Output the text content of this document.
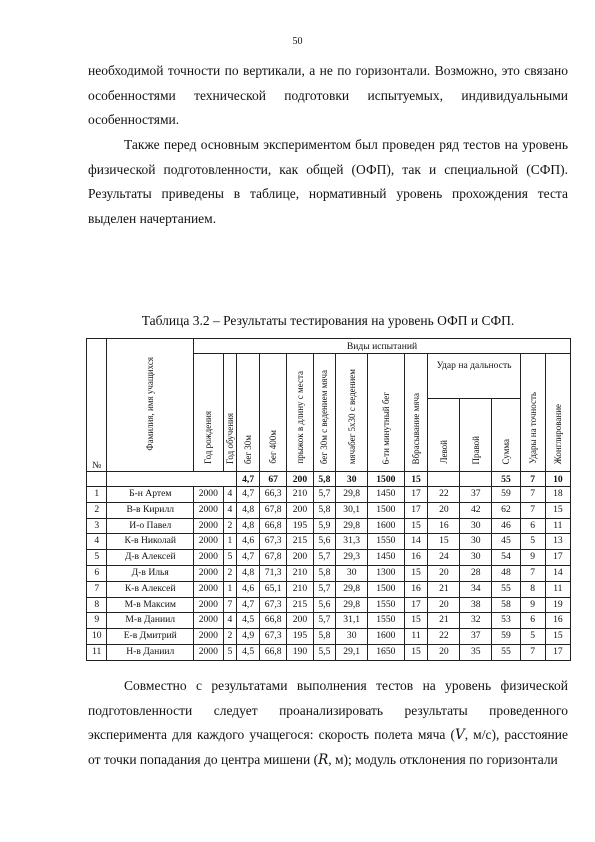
50

необходимой точности по вертикали, а не по горизонтали. Возможно, это связано особенностями технической подготовки испытуемых, индивидуальными особенностями.

Также перед основным экспериментом был проведен ряд тестов на уровень физической подготовленности, как общей (ОФП), так и специальной (СФП). Результаты приведены в таблице, нормативный уровень прохождения теста выделен начертанием.

Таблица 3.2 – Результаты тестирования на уровень ОФП и СФП.
№	Фамилия, имя учащихся	Виды испытаний													
		Год рождения	Год обучения	бег 30м	бег 400м	прыжок в длину с места	бег 30м с ведением мяча	мячабег 5х30 с ведением	6-ти минутный бег	Вбрасывание мяча	Удар на дальность			Удары на точность	Жонглирование
											Левой	Правой	Сумма		
				4,7	67	200	5,8	30	1500	15			55	7	10
1	Б-н Артем	2000	4	4,7	66,3	210	5,7	29,8	1450	17	22	37	59	7	18
2	В-в Кирилл	2000	4	4,8	67,8	200	5,8	30,1	1500	17	20	42	62	7	15
3	И-о Павел	2000	2	4,8	66,8	195	5,9	29,8	1600	15	16	30	46	6	11
4	К-в Николай	2000	1	4,6	67,3	215	5,6	31,3	1550	14	15	30	45	5	13
5	Д-в Алексей	2000	5	4,7	67,8	200	5,7	29,3	1450	16	24	30	54	9	17
6	Д-в Илья	2000	2	4,8	71,3	210	5,8	30	1300	15	20	28	48	7	14
7	К-в Алексей	2000	1	4,6	65,1	210	5,7	29,8	1500	16	21	34	55	8	11
8	М-в Максим	2000	7	4,7	67,3	215	5,6	29,8	1550	17	20	38	58	9	19
9	М-в Даниил	2000	4	4,5	66,8	200	5,7	31,1	1550	15	21	32	53	6	16
10	Е-в Дмитрий	2000	2	4,9	67,3	195	5,8	30	1600	11	22	37	59	5	15
11	Н-в Даниил	2000	5	4,5	66,8	190	5,5	29,1	1650	15	20	35	55	7	17

Совместно с результатами выполнения тестов на уровень физической подготовленности следует проанализировать результаты проведенного эксперимента для каждого учащегося: скорость полета мяча (V, м/с), расстояние от точки попадания до центра мишени (R, м); модуль отклонения по горизонтали
